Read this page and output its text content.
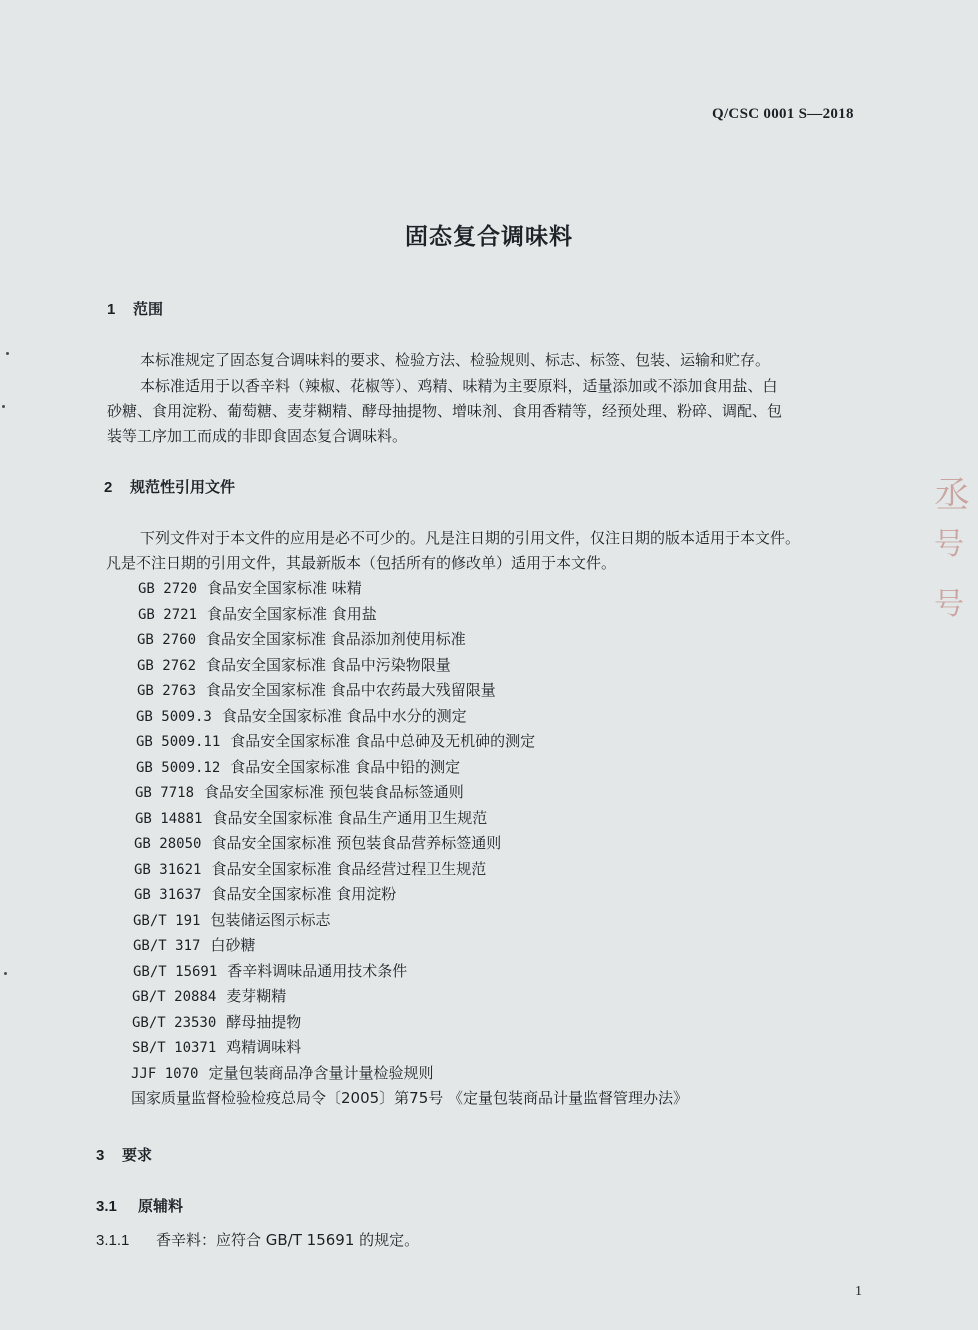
Q/CSC 0001 S—2018
固态复合调味料
1 范围
本标准规定了固态复合调味料的要求、检验方法、检验规则、标志、标签、包装、运输和贮存。
本标准适用于以香辛料（辣椒、花椒等）、鸡精、味精为主要原料，适量添加或不添加食用盐、白
砂糖、食用淀粉、葡萄糖、麦芽糊精、酵母抽提物、增味剂、食用香精等，经预处理、粉碎、调配、包
装等工序加工而成的非即食固态复合调味料。
2 规范性引用文件
下列文件对于本文件的应用是必不可少的。凡是注日期的引用文件，仅注日期的版本适用于本文件。
凡是不注日期的引用文件，其最新版本（包括所有的修改单）适用于本文件。
GB 2720 食品安全国家标准 味精
GB 2721 食品安全国家标准 食用盐
GB 2760 食品安全国家标准 食品添加剂使用标准
GB 2762 食品安全国家标准 食品中污染物限量
GB 2763 食品安全国家标准 食品中农药最大残留限量
GB 5009.3 食品安全国家标准 食品中水分的测定
GB 5009.11 食品安全国家标准 食品中总砷及无机砷的测定
GB 5009.12 食品安全国家标准 食品中铅的测定
GB 7718 食品安全国家标准 预包装食品标签通则
GB 14881 食品安全国家标准 食品生产通用卫生规范
GB 28050 食品安全国家标准 预包装食品营养标签通则
GB 31621 食品安全国家标准 食品经营过程卫生规范
GB 31637 食品安全国家标准 食用淀粉
GB/T 191 包装储运图示标志
GB/T 317 白砂糖
GB/T 15691 香辛料调味品通用技术条件
GB/T 20884 麦芽糊精
GB/T 23530 酵母抽提物
SB/T 10371 鸡精调味料
JJF 1070 定量包装商品净含量计量检验规则
国家质量监督检验检疫总局令〔2005〕第75号 《定量包装商品计量监督管理办法》
3 要求
3.1 原辅料
3.1.1 香辛料：应符合 GB/T 15691 的规定。
1
丞
号
号
